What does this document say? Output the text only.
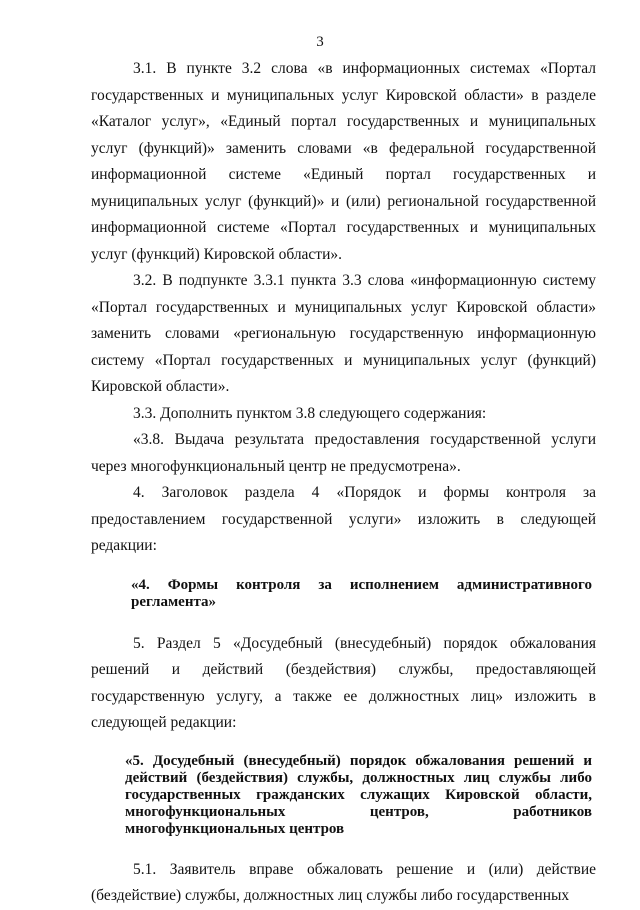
3

3.1. В пункте 3.2 слова «в информационных системах «Портал государственных и муниципальных услуг Кировской области» в разделе «Каталог услуг», «Единый портал государственных и муниципальных услуг (функций)» заменить словами «в федеральной государственной информационной системе «Единый портал государственных и муниципальных услуг (функций)» и (или) региональной государственной информационной системе «Портал государственных и муниципальных услуг (функций) Кировской области».

3.2. В подпункте 3.3.1 пункта 3.3 слова «информационную систему «Портал государственных и муниципальных услуг Кировской области» заменить словами «региональную государственную информационную систему «Портал государственных и муниципальных услуг (функций) Кировской области».

3.3. Дополнить пунктом 3.8 следующего содержания:

«3.8. Выдача результата предоставления государственной услуги через многофункциональный центр не предусмотрена».

4. Заголовок раздела 4 «Порядок и формы контроля за предоставлением государственной услуги» изложить в следующей редакции:

«4. Формы контроля за исполнением административного регламента»

5. Раздел 5 «Досудебный (внесудебный) порядок обжалования решений и действий (бездействия) службы, предоставляющей государственную услугу, а также ее должностных лиц» изложить в следующей редакции:

«5. Досудебный (внесудебный) порядок обжалования решений и действий (бездействия) службы, должностных лиц службы либо государственных гражданских служащих Кировской области, многофункциональных центров, работников многофункциональных центров

5.1. Заявитель вправе обжаловать решение и (или) действие (бездействие) службы, должностных лиц службы либо государственных
